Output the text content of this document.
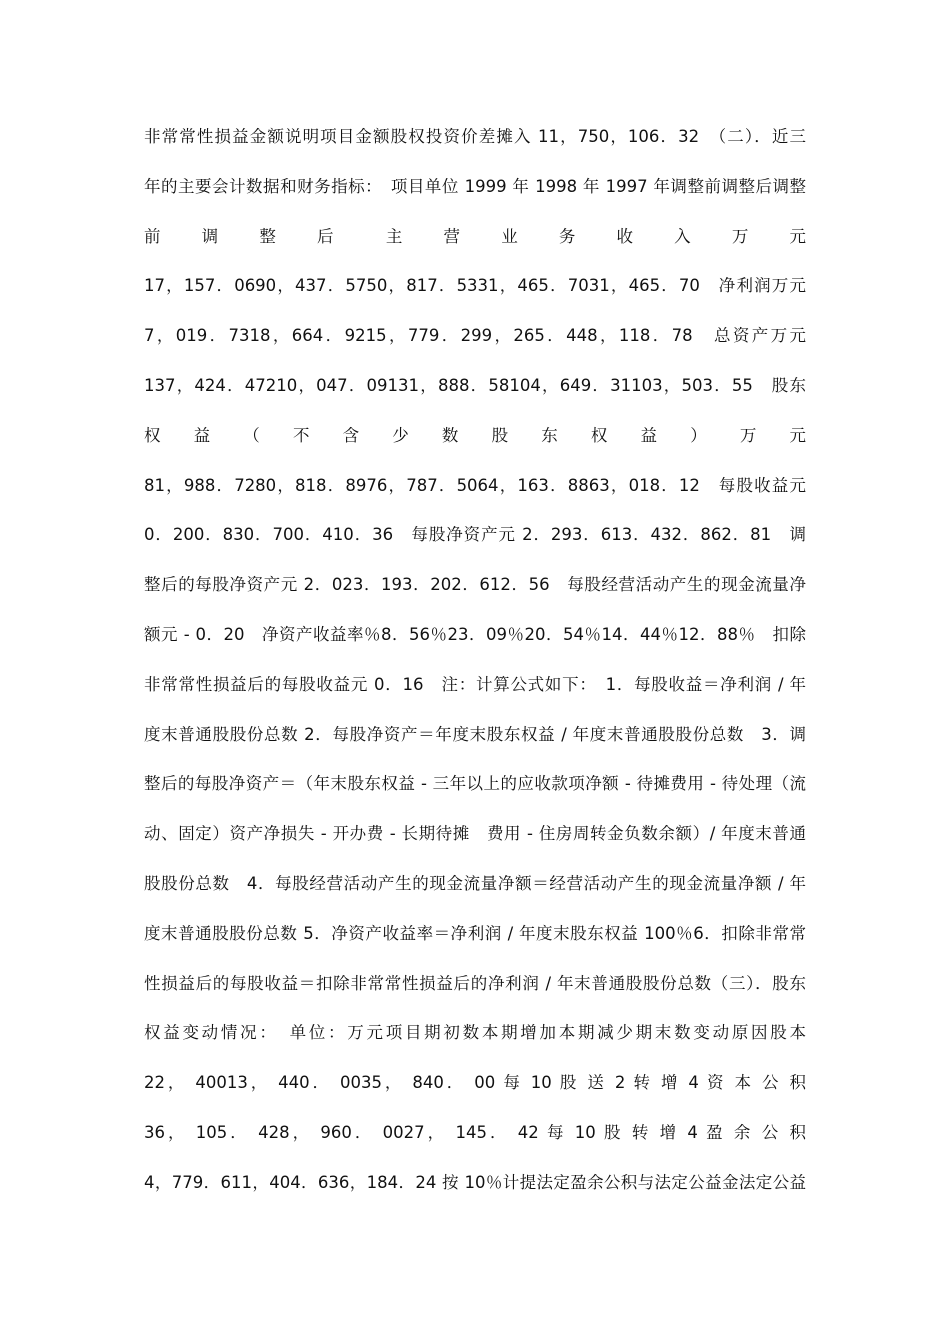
非常常性损益金额说明项目金额股权投资价差摊入 11，750，106．32　（二）．近三
年的主要会计数据和财务指标：　项目单位 1999 年 1998 年 1997 年调整前调整后调整
前 调 整 后　主 营 业 务 收 入 万 元
17，157．0690，437．5750，817．5331，465．7031，465．70　净利润万元
7，019．7318，664．9215，779．299，265．448，118．78　总资产万元
137，424．47210，047．09131，888．58104，649．31103，503．55　股东
权 益 （ 不 含 少 数 股 东 权 益 ） 万 元
81，988．7280，818．8976，787．5064，163．8863，018．12　每股收益元
0．200．830．700．410．36　每股净资产元 2．293．613．432．862．81　调
整后的每股净资产元 2．023．193．202．612．56　每股经营活动产生的现金流量净
额元 - 0．20　净资产收益率％8．56％23．09％20．54％14．44％12．88％　扣除
非常常性损益后的每股收益元 0．16　注：计算公式如下：　1．每股收益＝净利润 / 年
度末普通股股份总数 2．每股净资产＝年度末股东权益 / 年度末普通股股份总数　3．调
整后的每股净资产＝（年末股东权益 - 三年以上的应收款项净额 - 待摊费用 - 待处理（流
动、固定）资产净损失 - 开办费 - 长期待摊　费用 - 住房周转金负数余额）/ 年度末普通
股股份总数　4．每股经营活动产生的现金流量净额＝经营活动产生的现金流量净额 / 年
度末普通股股份总数 5．净资产收益率＝净利润 / 年度末股东权益 100％6．扣除非常常
性损益后的每股收益＝扣除非常常性损益后的净利润 / 年末普通股股份总数（三）．股东
权益变动情况：　单位：万元项目期初数本期增加本期减少期末数变动原因股本
22， 40013， 440． 0035， 840． 00 每 10 股 送 2 转 增 4 资 本 公 积
36， 105． 428， 960． 0027， 145． 42 每 10 股 转 增 4 盈 余 公 积
4，779．611，404．636，184．24 按 10％计提法定盈余公积与法定公益金法定公益
